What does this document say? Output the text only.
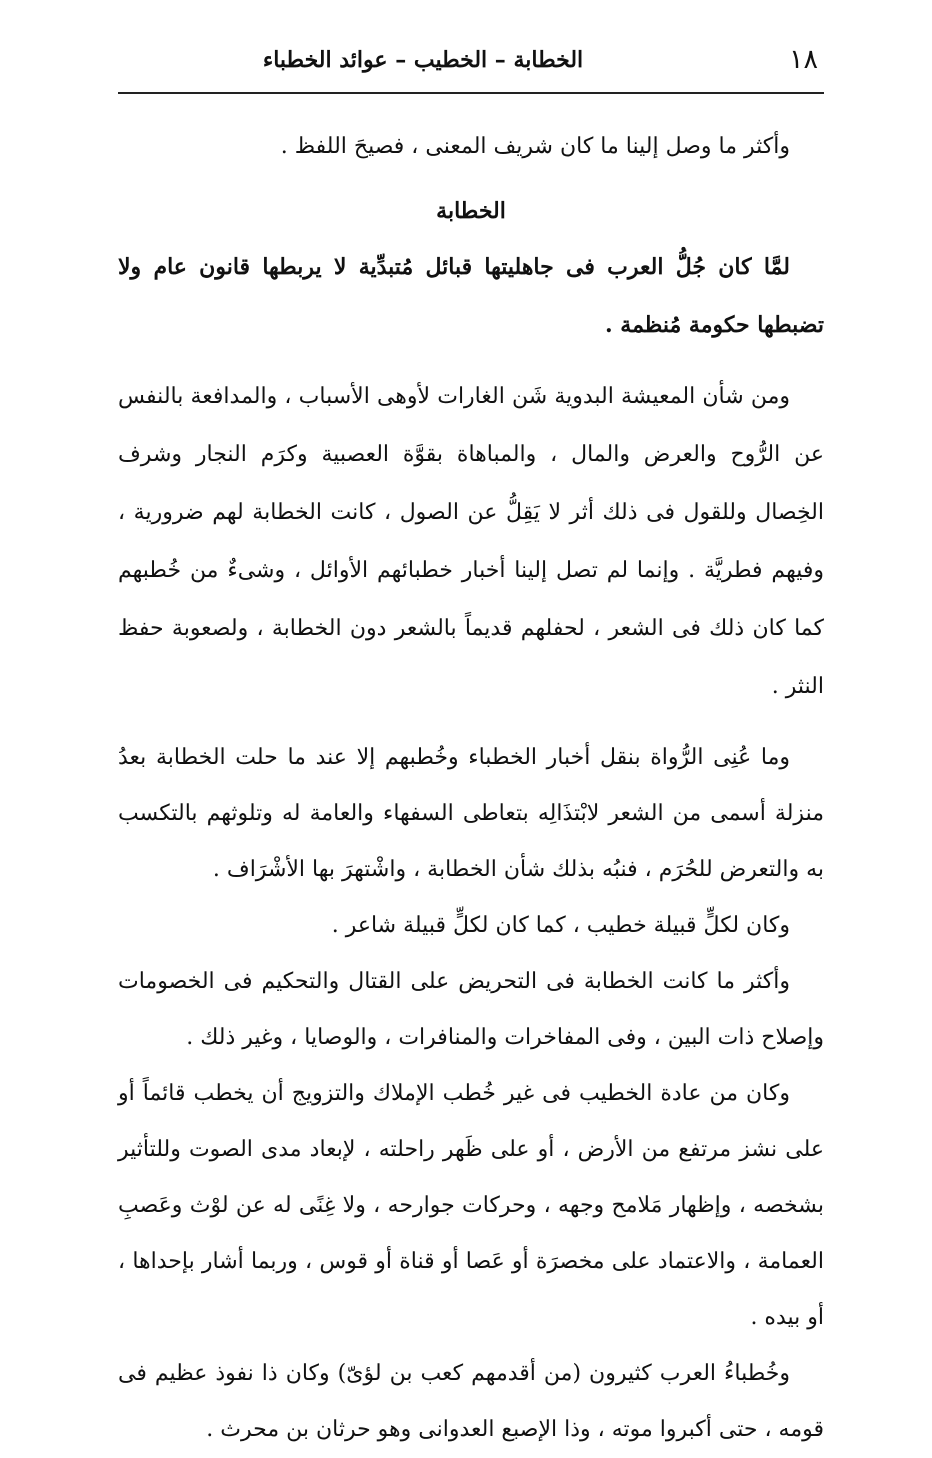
١٨
الخطابة – الخطيب – عوائد الخطباء

وأكثر ما وصل إلينا ما كان شريف المعنى ، فصيحَ اللفظ .

الخطابة

لمَّا كان جُلُّ العرب فى جاهليتها قبائل مُتبدِّية لا يربطها قانون عام ولا تضبطها حكومة مُنظمة .

ومن شأن المعيشة البدوية شَن الغارات لأوهى الأسباب ، والمدافعة بالنفس عن الرُّوح والعرض والمال ، والمباهاة بقوَّة العصبية وكرَم النجار وشرف الخِصال وللقول فى ذلك أثر لا يَقِلُّ عن الصول ، كانت الخطابة لهم ضرورية ، وفيهم فطريَّة . وإنما لم تصل إلينا أخبار خطبائهم الأوائل ، وشىءٌ من خُطبهم كما كان ذلك فى الشعر ، لحفلهم قديماً بالشعر دون الخطابة ، ولصعوبة حفظ النثر .

وما عُنِى الرُّواة بنقل أخبار الخطباء وخُطبهم إلا عند ما حلت الخطابة بعدُ منزلة أسمى من الشعر لابْتذَالِه بتعاطى السفهاء والعامة له وتلوثهم بالتكسب به والتعرض للحُرَم ، فنبُه بذلك شأن الخطابة ، واشْتهرَ بها الأشْرَاف .

وكان لكلٍّ قبيلة خطيب ، كما كان لكلٍّ قبيلة شاعر .

وأكثر ما كانت الخطابة فى التحريض على القتال والتحكيم فى الخصومات وإصلاح ذات البين ، وفى المفاخرات والمنافرات ، والوصايا ، وغير ذلك .

وكان من عادة الخطيب فى غير خُطب الإملاك والتزويج أن يخطب قائماً أو على نشز مرتفع من الأرض ، أو على ظَهر راحلته ، لإبعاد مدى الصوت وللتأثير بشخصه ، وإظهار مَلامح وجهه ، وحركات جوارحه ، ولا غِنًى له عن لوْث وعَصبِ العمامة ، والاعتماد على مخصرَة أو عَصا أو قناة أو قوس ، وربما أشار بإحداها ، أو بيده .

وخُطباءُ العرب كثيرون (من أقدمهم كعب بن لؤىّ) وكان ذا نفوذ عظيم فى قومه ، حتى أكبروا موته ، وذا الإصبع العدوانى وهو حرثان بن محرث .
